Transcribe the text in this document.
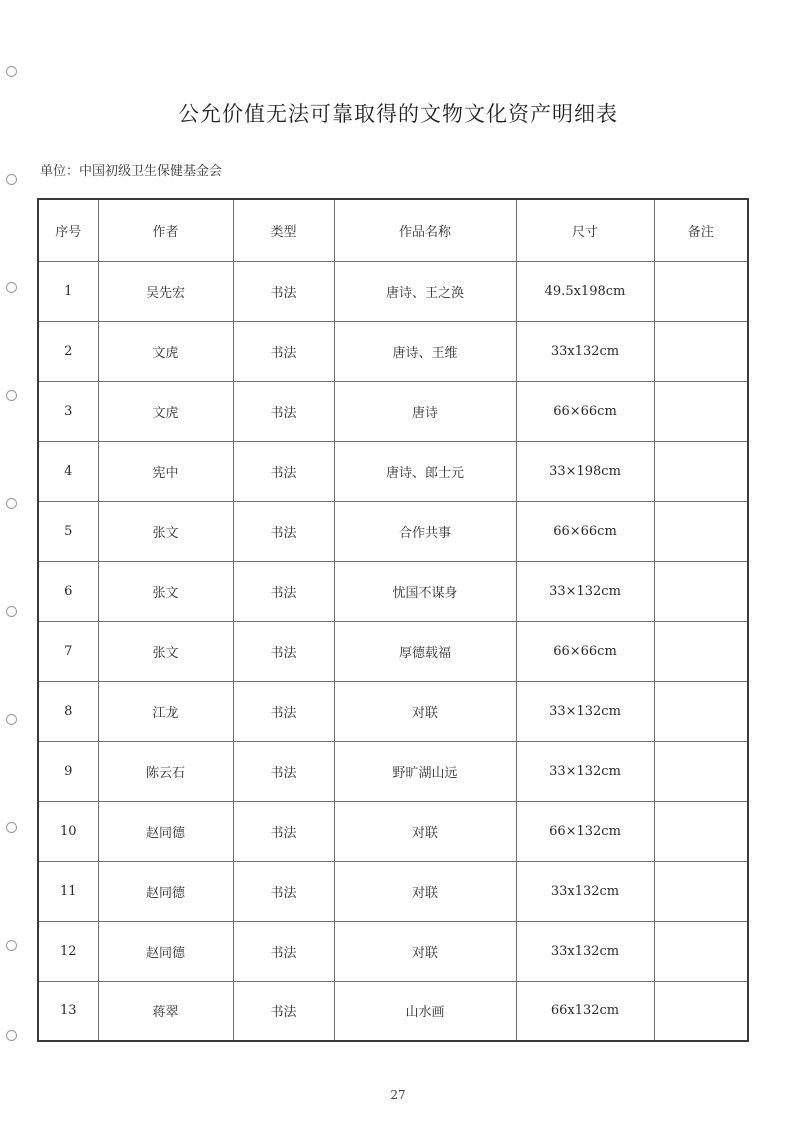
公允价值无法可靠取得的文物文化资产明细表
单位：中国初级卫生保健基金会
序号	作者	类型	作品名称	尺寸	备注
1	吴先宏	书法	唐诗、王之涣	49.5x198cm	
2	文虎	书法	唐诗、王维	33x132cm	
3	文虎	书法	唐诗	66×66cm	
4	宪中	书法	唐诗、郎士元	33×198cm	
5	张文	书法	合作共事	66×66cm	
6	张文	书法	忧国不谋身	33×132cm	
7	张文	书法	厚德载福	66×66cm	
8	江龙	书法	对联	33×132cm	
9	陈云石	书法	野旷湖山远	33×132cm	
10	赵同德	书法	对联	66×132cm	
11	赵同德	书法	对联	33x132cm	
12	赵同德	书法	对联	33x132cm	
13	蒋翠	书法	山水画	66x132cm	
27
